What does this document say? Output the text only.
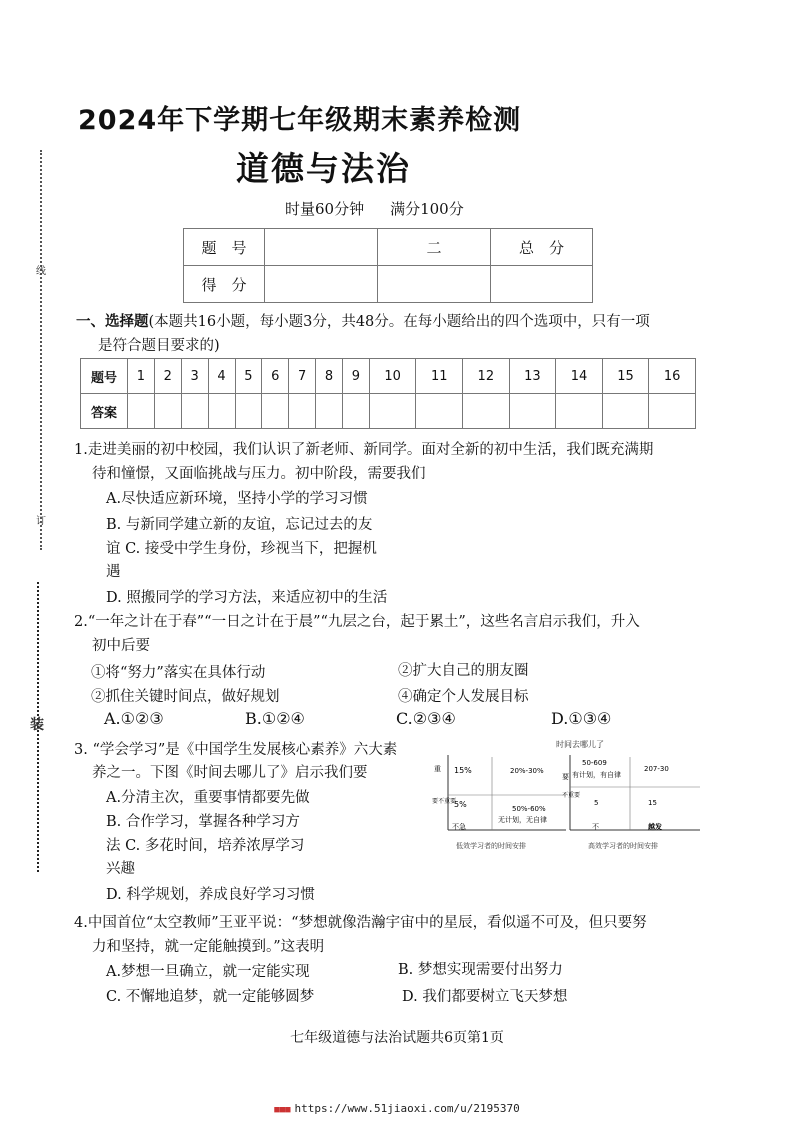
线
订
装
2024年下学期七年级期末素养检测
道德与法治
时量60分钟 满分100分
题　号		二	总　分
得　分			
一、选择题(本题共16小题，每小题3分，共48分。在每小题给出的四个选项中，只有一项
是符合题目要求的)
题号	1	2	3	4	5	6	7	8	9	10	11	12	13	14	15	16
答案																
1.走进美丽的初中校园，我们认识了新老师、新同学。面对全新的初中生活，我们既充满期
待和憧憬，又面临挑战与压力。初中阶段，需要我们
A.尽快适应新环境，坚持小学的学习习惯
B. 与新同学建立新的友谊，忘记过去的友
谊 C. 接受中学生身份，珍视当下，把握机
遇
D. 照搬同学的学习方法，来适应初中的生活
2.“一年之计在于春”“一日之计在于晨”“九层之台，起于累土”，这些名言启示我们，升入
初中后要
①将“努力”落实在具体行动	②扩大自己的朋友圈
②抓住关键时间点，做好规划	④确定个人发展目标
A.①②③	B.①②④	C.②③④	D.①③④
3. “学会学习”是《中国学生发展核心素养》六大素
养之一。下图《时间去哪儿了》启示我们要
A.分清主次，重要事情都要先做
B. 合作学习，掌握各种学习方
法 C. 多花时间，培养浓厚学习
兴趣
D. 科学规划，养成良好学习习惯
时间去哪儿了
重
要不重要
15%
5%
20%-30%
50%-60%
无计划，无自律
不急
低效学习者的时间安排
要
不重要
50-609
有计划，有自律
207-30
5	15
不	越发
高效学习者的时间安排
4.中国首位“太空教师”王亚平说：“梦想就像浩瀚宇宙中的星辰，看似遥不可及，但只要努
力和坚持，就一定能触摸到。”这表明
A.梦想一旦确立，就一定能实现	B. 梦想实现需要付出努力
C. 不懈地追梦，就一定能够圆梦	D. 我们都要树立飞天梦想
七年级道德与法治试题共6页第1页
■■■ https://www.51jiaoxi.com/u/2195370
